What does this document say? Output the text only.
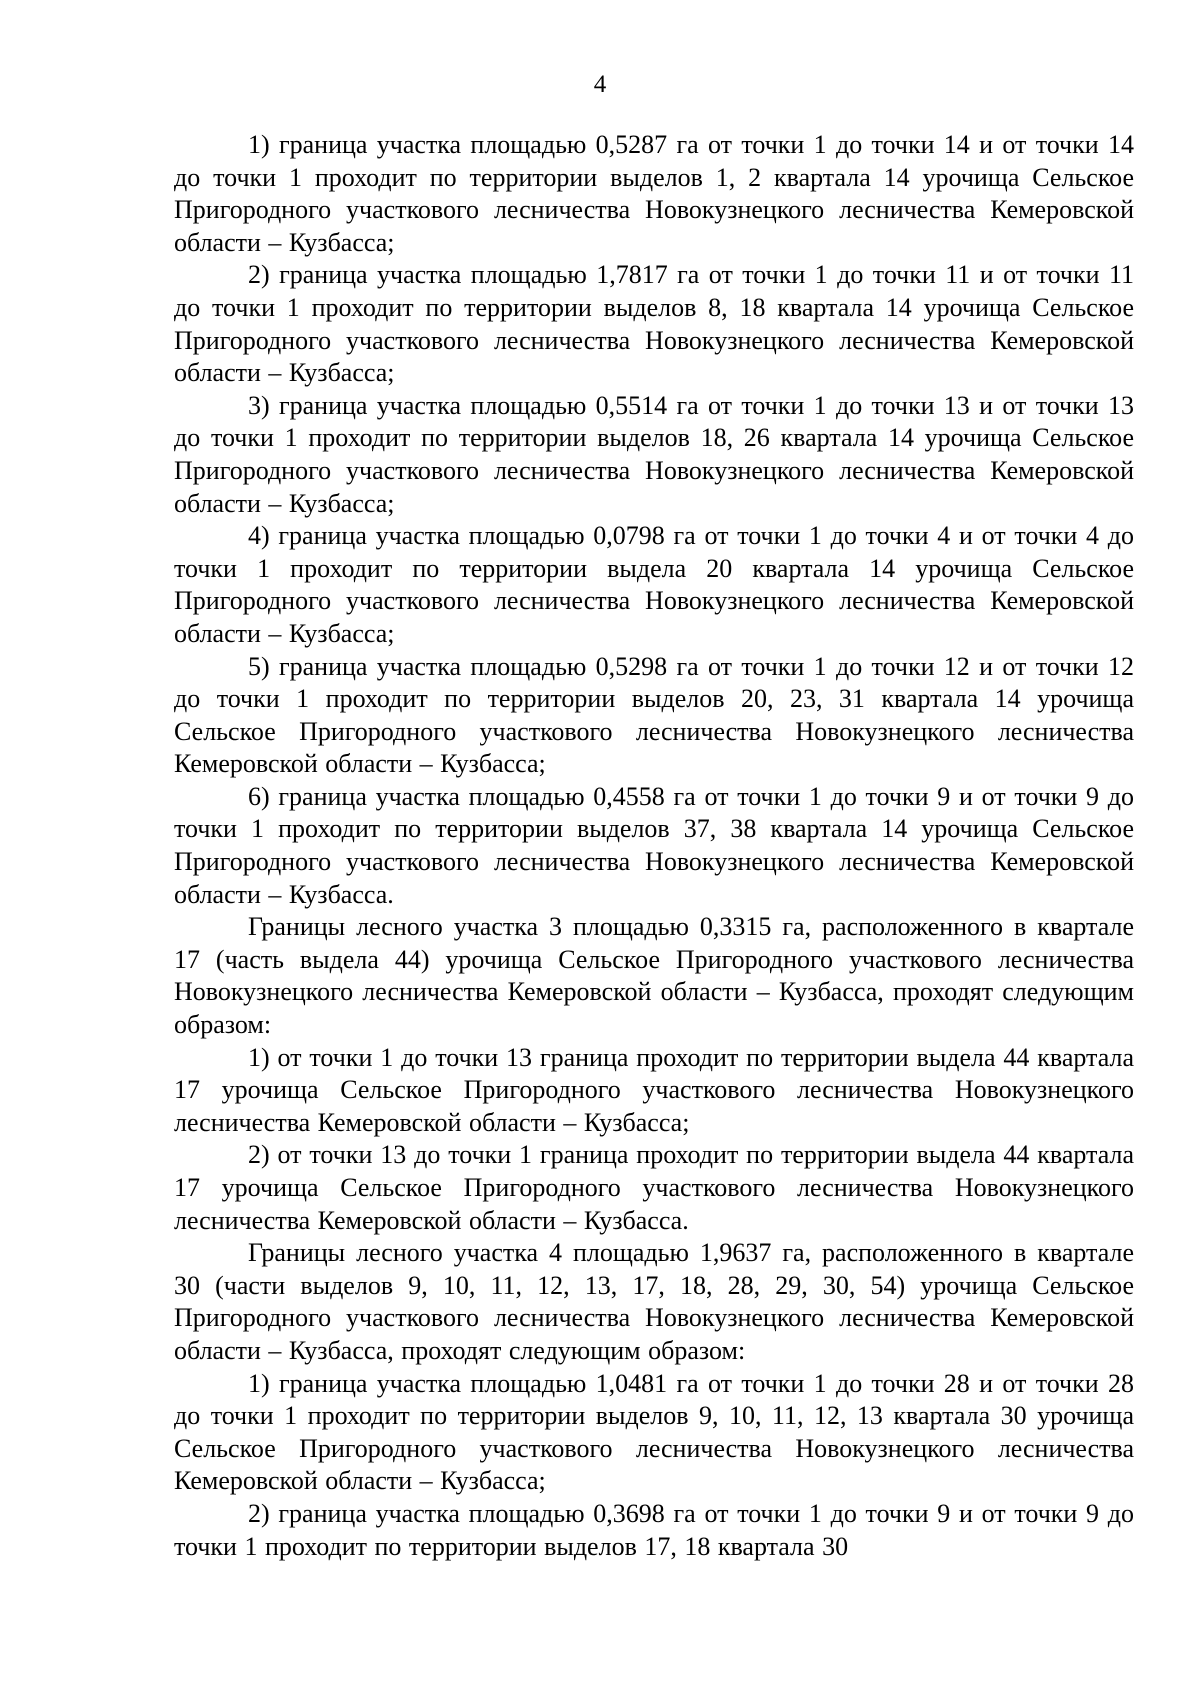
4

1) граница участка площадью 0,5287 га от точки 1 до точки 14 и от точки 14 до точки 1 проходит по территории выделов 1, 2 квартала 14 урочища Сельское Пригородного участкового лесничества Новокузнецкого лесничества Кемеровской области – Кузбасса;

2) граница участка площадью 1,7817 га от точки 1 до точки 11 и от точки 11 до точки 1 проходит по территории выделов 8, 18 квартала 14 урочища Сельское Пригородного участкового лесничества Новокузнецкого лесничества Кемеровской области – Кузбасса;

3) граница участка площадью 0,5514 га от точки 1 до точки 13 и от точки 13 до точки 1 проходит по территории выделов 18, 26 квартала 14 урочища Сельское Пригородного участкового лесничества Новокузнецкого лесничества Кемеровской области – Кузбасса;

4) граница участка площадью 0,0798 га от точки 1 до точки 4 и от точки 4 до точки 1 проходит по территории выдела 20 квартала 14 урочища Сельское Пригородного участкового лесничества Новокузнецкого лесничества Кемеровской области – Кузбасса;

5) граница участка площадью 0,5298 га от точки 1 до точки 12 и от точки 12 до точки 1 проходит по территории выделов 20, 23, 31 квартала 14 урочища Сельское Пригородного участкового лесничества Новокузнецкого лесничества Кемеровской области – Кузбасса;

6) граница участка площадью 0,4558 га от точки 1 до точки 9 и от точки 9 до точки 1 проходит по территории выделов 37, 38 квартала 14 урочища Сельское Пригородного участкового лесничества Новокузнецкого лесничества Кемеровской области – Кузбасса.

Границы лесного участка 3 площадью 0,3315 га, расположенного в квартале 17 (часть выдела 44) урочища Сельское Пригородного участкового лесничества Новокузнецкого лесничества Кемеровской области – Кузбасса, проходят следующим образом:

1) от точки 1 до точки 13 граница проходит по территории выдела 44 квартала 17 урочища Сельское Пригородного участкового лесничества Новокузнецкого лесничества Кемеровской области – Кузбасса;

2) от точки 13 до точки 1 граница проходит по территории выдела 44 квартала 17 урочища Сельское Пригородного участкового лесничества Новокузнецкого лесничества Кемеровской области – Кузбасса.

Границы лесного участка 4 площадью 1,9637 га, расположенного в квартале 30 (части выделов 9, 10, 11, 12, 13, 17, 18, 28, 29, 30, 54) урочища Сельское Пригородного участкового лесничества Новокузнецкого лесничества Кемеровской области – Кузбасса, проходят следующим образом:

1) граница участка площадью 1,0481 га от точки 1 до точки 28 и от точки 28 до точки 1 проходит по территории выделов 9, 10, 11, 12, 13 квартала 30 урочища Сельское Пригородного участкового лесничества Новокузнецкого лесничества Кемеровской области – Кузбасса;

2) граница участка площадью 0,3698 га от точки 1 до точки 9 и от точки 9 до точки 1 проходит по территории выделов 17, 18 квартала 30
